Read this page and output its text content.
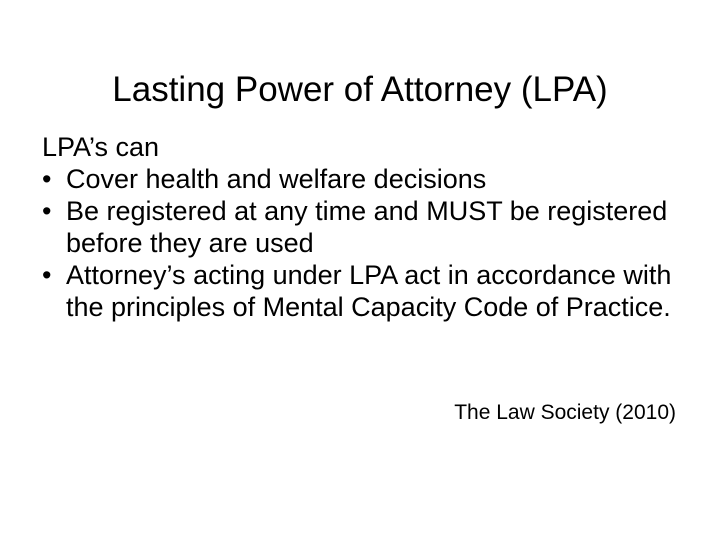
Lasting Power of Attorney (LPA)
LPA’s can
• Cover health and welfare decisions
• Be registered at any time and MUST be registered before they are used
• Attorney’s acting under LPA act in accordance with the principles of Mental Capacity Code of Practice.
The Law Society (2010)
